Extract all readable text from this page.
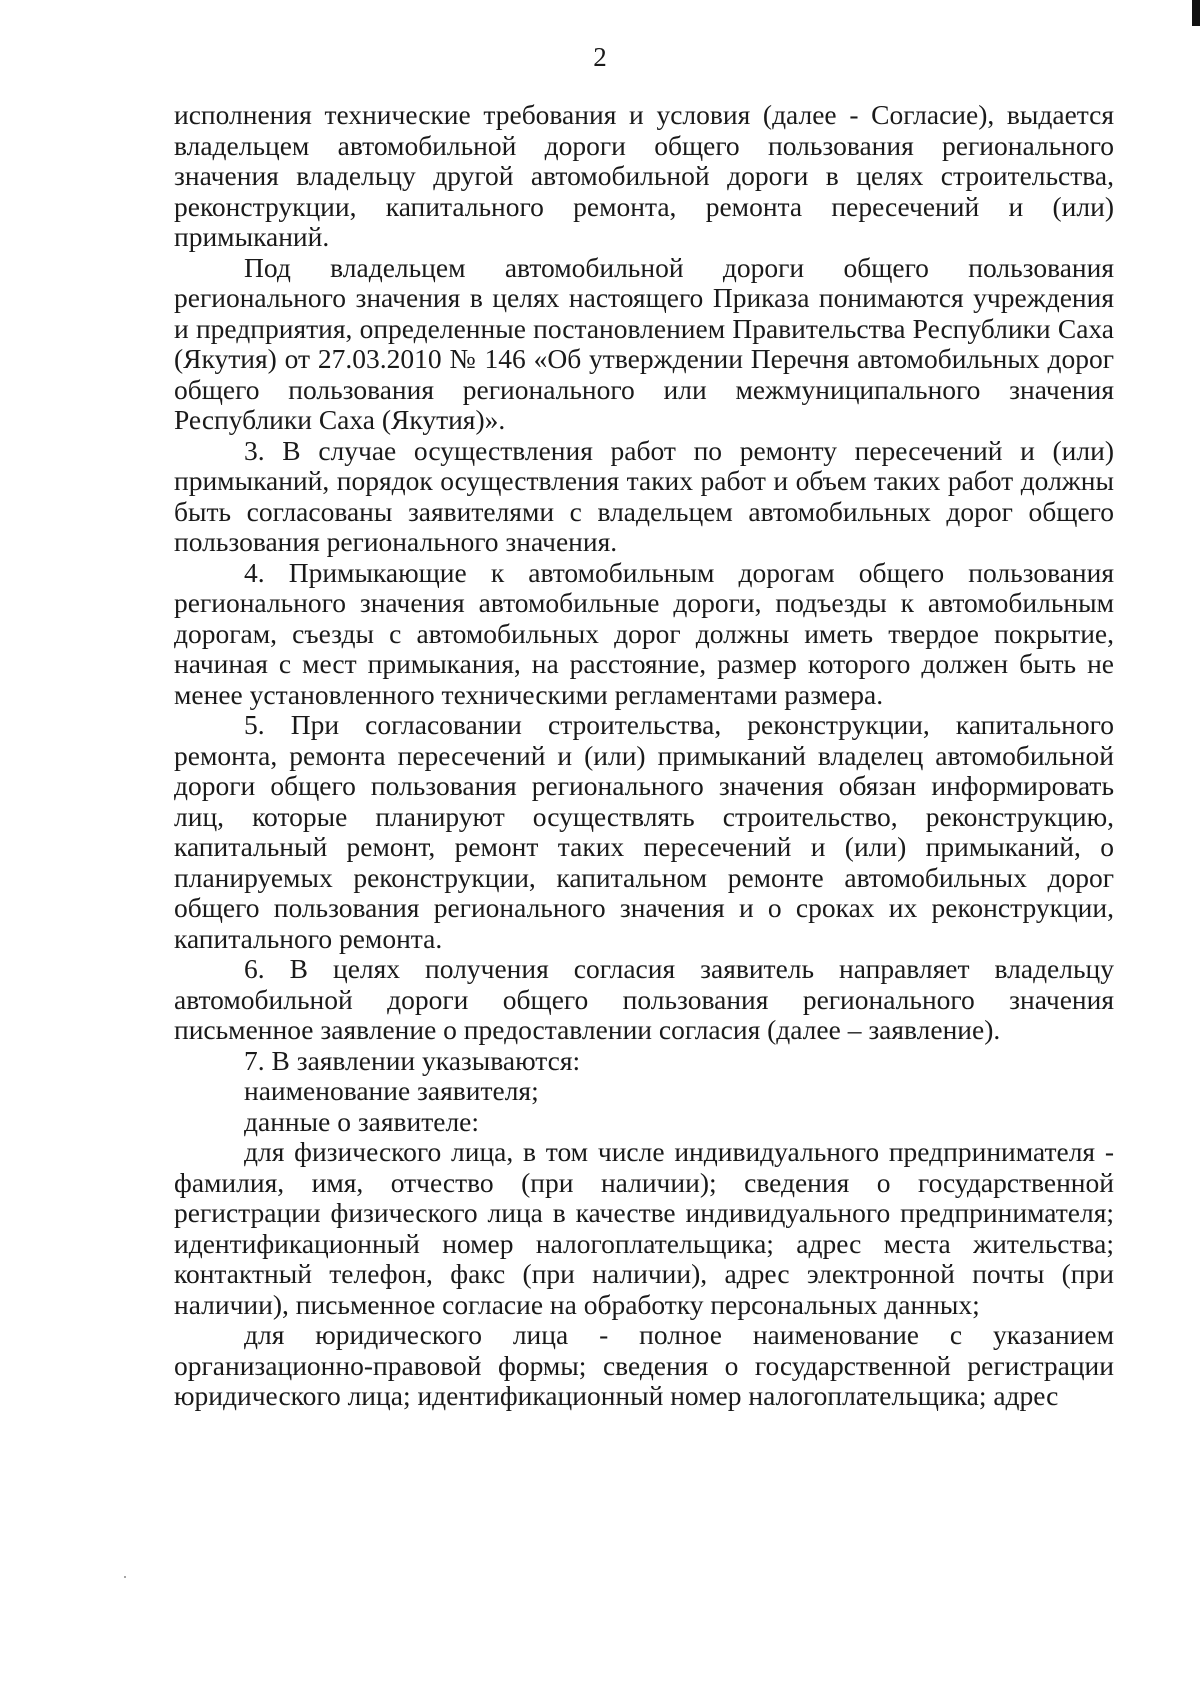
2

исполнения технические требования и условия (далее - Согласие), выдается владельцем автомобильной дороги общего пользования регионального значения владельцу другой автомобильной дороги в целях строительства, реконструкции, капитального ремонта, ремонта пересечений и (или) примыканий.

Под владельцем автомобильной дороги общего пользования регионального значения в целях настоящего Приказа понимаются учреждения и предприятия, определенные постановлением Правительства Республики Саха (Якутия) от 27.03.2010 № 146 «Об утверждении Перечня автомобильных дорог общего пользования регионального или межмуниципального значения Республики Саха (Якутия)».

3. В случае осуществления работ по ремонту пересечений и (или) примыканий, порядок осуществления таких работ и объем таких работ должны быть согласованы заявителями с владельцем автомобильных дорог общего пользования регионального значения.

4. Примыкающие к автомобильным дорогам общего пользования регионального значения автомобильные дороги, подъезды к автомобильным дорогам, съезды с автомобильных дорог должны иметь твердое покрытие, начиная с мест примыкания, на расстояние, размер которого должен быть не менее установленного техническими регламентами размера.

5. При согласовании строительства, реконструкции, капитального ремонта, ремонта пересечений и (или) примыканий владелец автомобильной дороги общего пользования регионального значения обязан информировать лиц, которые планируют осуществлять строительство, реконструкцию, капитальный ремонт, ремонт таких пересечений и (или) примыканий, о планируемых реконструкции, капитальном ремонте автомобильных дорог общего пользования регионального значения и о сроках их реконструкции, капитального ремонта.

6. В целях получения согласия заявитель направляет владельцу автомобильной дороги общего пользования регионального значения письменное заявление о предоставлении согласия (далее – заявление).

7. В заявлении указываются:

наименование заявителя;

данные о заявителе:

для физического лица, в том числе индивидуального предпринимателя - фамилия, имя, отчество (при наличии); сведения о государственной регистрации физического лица в качестве индивидуального предпринимателя; идентификационный номер налогоплательщика; адрес места жительства; контактный телефон, факс (при наличии), адрес электронной почты (при наличии), письменное согласие на обработку персональных данных;

для юридического лица - полное наименование с указанием организационно-правовой формы; сведения о государственной регистрации юридического лица; идентификационный номер налогоплательщика; адрес
